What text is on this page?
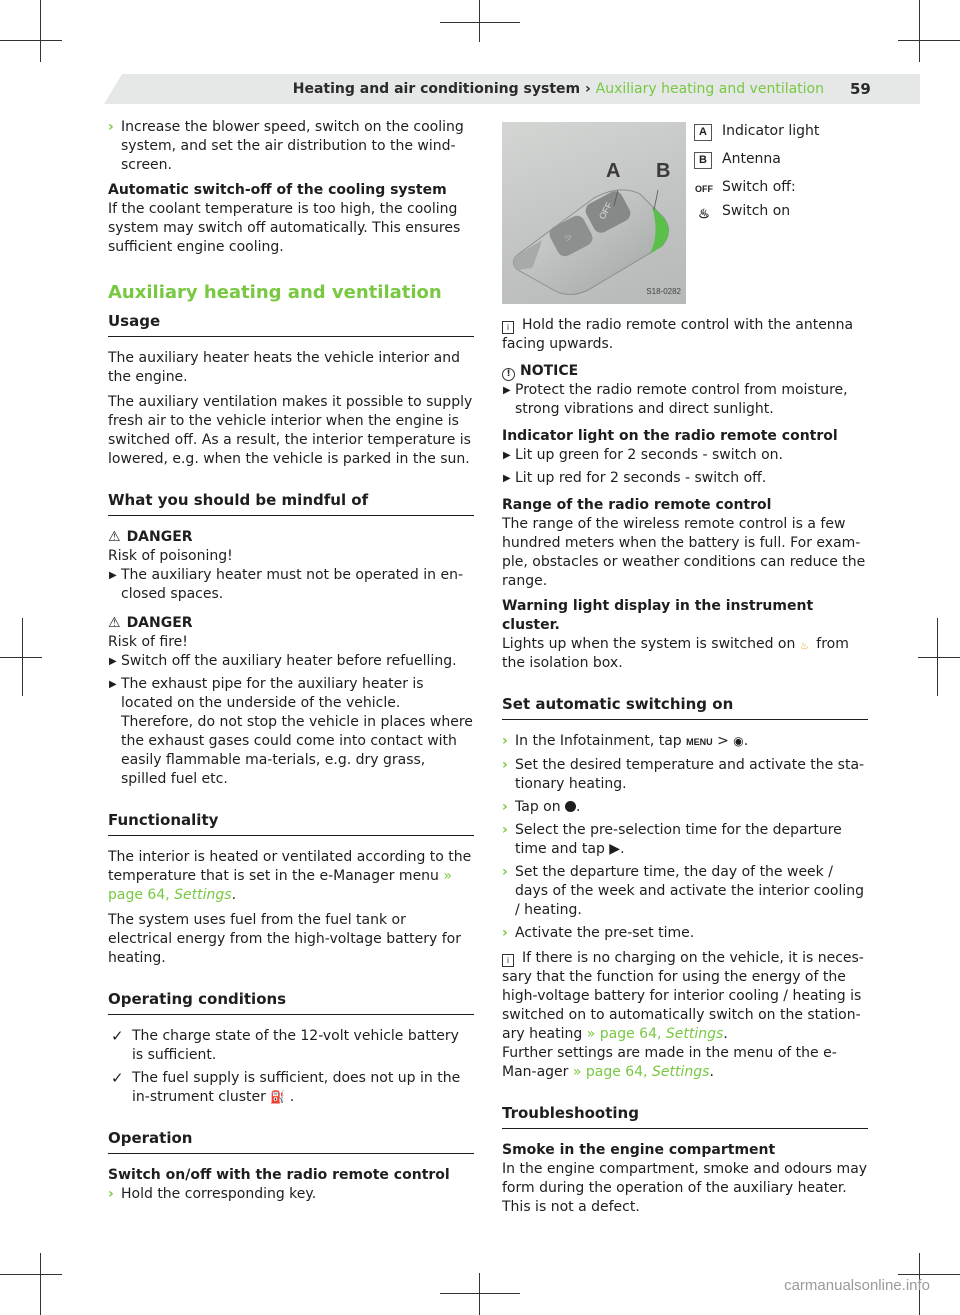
Heating and air conditioning system › Auxiliary heating and ventilation 59
› Increase the blower speed, switch on the cooling system, and set the air distribution to the wind-screen.
Automatic switch-off of the cooling system

If the coolant temperature is too high, the cooling system may switch off automatically. This ensures sufficient engine cooling.

Auxiliary heating and ventilation
Usage

The auxiliary heater heats the vehicle interior and the engine.

The auxiliary ventilation makes it possible to supply fresh air to the vehicle interior when the engine is switched off. As a result, the interior temperature is lowered, e.g. when the vehicle is parked in the sun.

What you should be mindful of
⚠ DANGER
Risk of poisoning!
▶ The auxiliary heater must not be operated in en-closed spaces.
⚠ DANGER
Risk of fire!
▶ Switch off the auxiliary heater before refuelling.
▶ The exhaust pipe for the auxiliary heater is located on the underside of the vehicle. Therefore, do not stop the vehicle in places where the exhaust gases could come into contact with easily flammable ma-terials, e.g. dry grass, spilled fuel etc.
Functionality

The interior is heated or ventilated according to the temperature that is set in the e-Manager menu » page 64, Settings.

The system uses fuel from the fuel tank or electrical energy from the high-voltage battery for heating.

Operating conditions
✓ The charge state of the 12-volt vehicle battery is sufficient.
✓ The fuel supply is sufficient, does not up in the in-strument cluster ⛽ .
Operation
Switch on/off with the radio remote control
› Hold the corresponding key.
♨
OFF
A B
S18-0282
A	Indicator light
B	Antenna
OFF Switch off:
♨ Switch on

i Hold the radio remote control with the antenna facing upwards.

! NOTICE
▶ Protect the radio remote control from moisture, strong vibrations and direct sunlight.
Indicator light on the radio remote control
▶ Lit up green for 2 seconds - switch on.
▶ Lit up red for 2 seconds - switch off.
Range of the radio remote control

The range of the wireless remote control is a few hundred meters when the battery is full. For exam-ple, obstacles or weather conditions can reduce the range.

Warning light display in the instrument cluster.

Lights up when the system is switched on ♨ from the isolation box.

Set automatic switching on
› In the Infotainment, tap MENU > ◉.
› Set the desired temperature and activate the sta-tionary heating.
› Tap on .
› Select the pre-selection time for the departure time and tap ▶.
› Set the departure time, the day of the week / days of the week and activate the interior cooling / heating.
› Activate the pre-set time.

i If there is no charging on the vehicle, it is neces-sary that the function for using the energy of the high-voltage battery for interior cooling / heating is switched on to automatically switch on the station-ary heating » page 64, Settings.

Further settings are made in the menu of the e-Man-ager » page 64, Settings.

Troubleshooting
Smoke in the engine compartment

In the engine compartment, smoke and odours may form during the operation of the auxiliary heater. This is not a defect.

carmanualsonline.info
